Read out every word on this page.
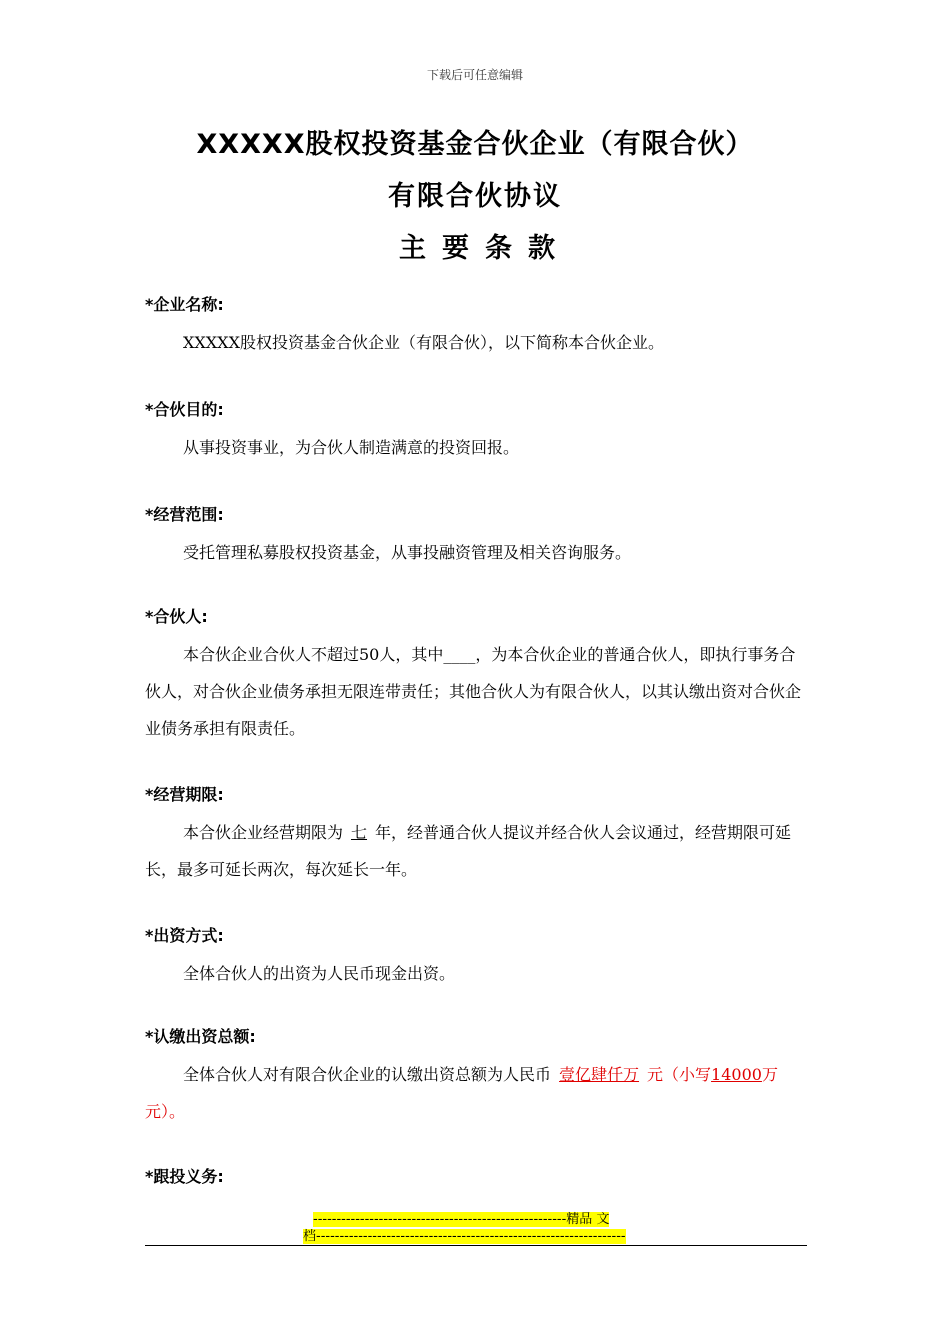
下载后可任意编辑
XXXXX股权投资基金合伙企业（有限合伙）
有限合伙协议
主要条款
*企业名称:
XXXXX股权投资基金合伙企业（有限合伙），以下简称本合伙企业。
*合伙目的:
从事投资事业，为合伙人制造满意的投资回报。
*经营范围:
受托管理私募股权投资基金，从事投融资管理及相关咨询服务。
*合伙人:
本合伙企业合伙人不超过50人，其中____，为本合伙企业的普通合伙人，即执行事务合伙人，对合伙企业债务承担无限连带责任；其他合伙人为有限合伙人，以其认缴出资对合伙企业债务承担有限责任。
*经营期限:
本合伙企业经营期限为 七 年，经普通合伙人提议并经合伙人会议通过，经营期限可延长，最多可延长两次，每次延长一年。
*出资方式:
全体合伙人的出资为人民币现金出资。
*认缴出资总额:
全体合伙人对有限合伙企业的认缴出资总额为人民币 壹亿肆仟万 元（小写14000万元）。
*跟投义务:
------------------------------------------------------精品 文
档------------------------------------------------------------------
